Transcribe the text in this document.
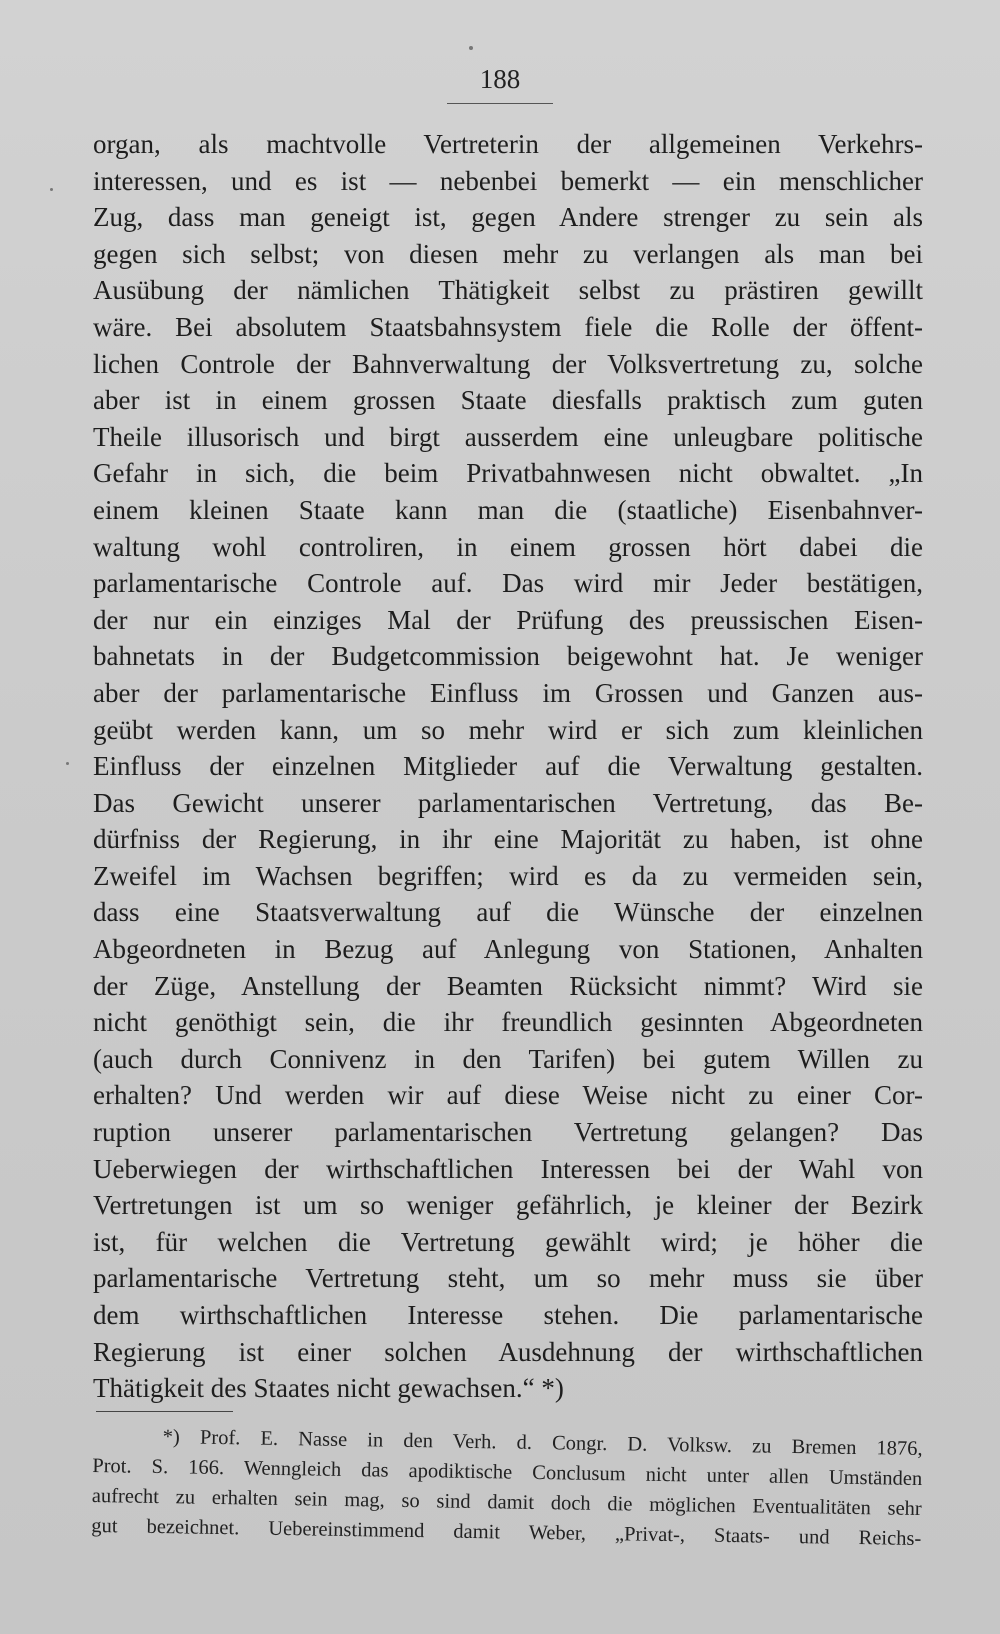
188
organ, als machtvolle Vertreterin der allgemeinen Verkehrs-
interessen, und es ist — nebenbei bemerkt — ein menschlicher
Zug, dass man geneigt ist, gegen Andere strenger zu sein als
gegen sich selbst; von diesen mehr zu verlangen als man bei
Ausübung der nämlichen Thätigkeit selbst zu prästiren gewillt
wäre. Bei absolutem Staatsbahnsystem fiele die Rolle der öffent-
lichen Controle der Bahnverwaltung der Volksvertretung zu, solche
aber ist in einem grossen Staate diesfalls praktisch zum guten
Theile illusorisch und birgt ausserdem eine unleugbare politische
Gefahr in sich, die beim Privatbahnwesen nicht obwaltet. „In
einem kleinen Staate kann man die (staatliche) Eisenbahnver-
waltung wohl controliren, in einem grossen hört dabei die
parlamentarische Controle auf. Das wird mir Jeder bestätigen,
der nur ein einziges Mal der Prüfung des preussischen Eisen-
bahnetats in der Budgetcommission beigewohnt hat. Je weniger
aber der parlamentarische Einfluss im Grossen und Ganzen aus-
geübt werden kann, um so mehr wird er sich zum kleinlichen
Einfluss der einzelnen Mitglieder auf die Verwaltung gestalten.
Das Gewicht unserer parlamentarischen Vertretung, das Be-
dürfniss der Regierung, in ihr eine Majorität zu haben, ist ohne
Zweifel im Wachsen begriffen; wird es da zu vermeiden sein,
dass eine Staatsverwaltung auf die Wünsche der einzelnen
Abgeordneten in Bezug auf Anlegung von Stationen, Anhalten
der Züge, Anstellung der Beamten Rücksicht nimmt? Wird sie
nicht genöthigt sein, die ihr freundlich gesinnten Abgeordneten
(auch durch Connivenz in den Tarifen) bei gutem Willen zu
erhalten? Und werden wir auf diese Weise nicht zu einer Cor-
ruption unserer parlamentarischen Vertretung gelangen? Das
Ueberwiegen der wirthschaftlichen Interessen bei der Wahl von
Vertretungen ist um so weniger gefährlich, je kleiner der Bezirk
ist, für welchen die Vertretung gewählt wird; je höher die
parlamentarische Vertretung steht, um so mehr muss sie über
dem wirthschaftlichen Interesse stehen. Die parlamentarische
Regierung ist einer solchen Ausdehnung der wirthschaftlichen
Thätigkeit des Staates nicht gewachsen.“ *)
*) Prof. E. Nasse in den Verh. d. Congr. D. Volksw. zu Bremen 1876,
Prot. S. 166. Wenngleich das apodiktische Conclusum nicht unter allen Umständen
aufrecht zu erhalten sein mag, so sind damit doch die möglichen Eventualitäten sehr
gut bezeichnet. Uebereinstimmend damit Weber, „Privat-, Staats- und Reichs-
